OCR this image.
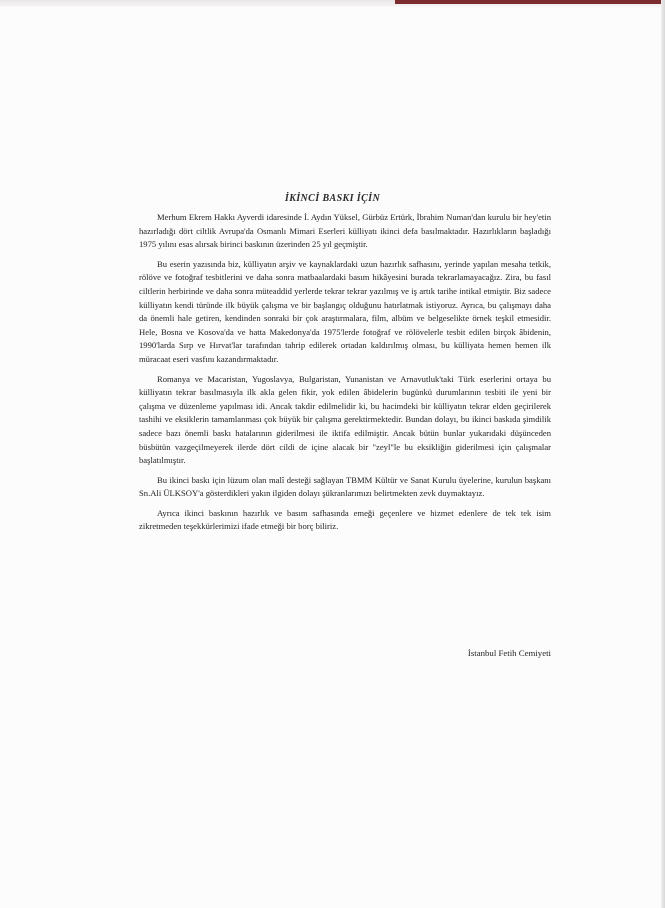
İKİNCİ BASKI İÇİN

Merhum Ekrem Hakkı Ayverdi idaresinde İ. Aydın Yüksel, Gürbüz Ertürk, İbrahim Numan'dan kurulu bir hey'etin hazırladığı dört ciltlik Avrupa'da Osmanlı Mimari Eserleri külliyatı ikinci defa basılmaktadır. Hazırlıkların başladığı 1975 yılını esas alırsak birinci baskının üzerinden 25 yıl geçmiştir.

Bu eserin yazısında biz, külliyatın arşiv ve kaynaklardaki uzun hazırlık safhasını, yerinde yapılan mesaha tetkik, rölöve ve fotoğraf tesbitlerini ve daha sonra matbaalardaki basım hikâyesini burada tekrarlamayacağız. Zira, bu fasıl ciltlerin herbirinde ve daha sonra müteaddid yerlerde tekrar tekrar yazılmış ve iş artık tarihe intikal etmiştir. Biz sadece külliyatın kendi türünde ilk büyük çalışma ve bir başlangıç olduğunu hatırlatmak istiyoruz. Ayrıca, bu çalışmayı daha da önemli hale getiren, kendinden sonraki bir çok araştırmalara, film, albüm ve belgeselikte örnek teşkil etmesidir. Hele, Bosna ve Kosova'da ve hatta Makedonya'da 1975'lerde fotoğraf ve rölövelerle tesbit edilen birçok âbidenin, 1990'larda Sırp ve Hırvat'lar tarafından tahrip edilerek ortadan kaldırılmış olması, bu külliyata hemen hemen ilk müracaat eseri vasfını kazandırmaktadır.

Romanya ve Macaristan, Yugoslavya, Bulgaristan, Yunanistan ve Arnavutluk'taki Türk eserlerini ortaya bu külliyatın tekrar basılmasıyla ilk akla gelen fikir, yok edilen âbidelerin bugünkü durumlarının tesbiti ile yeni bir çalışma ve düzenleme yapılması idi. Ancak takdir edilmelidir ki, bu hacimdeki bir külliyatın tekrar elden geçirilerek tashihi ve eksiklerin tamamlanması çok büyük bir çalışma gerektirmektedir. Bundan dolayı, bu ikinci baskıda şimdilik sadece bazı önemli baskı hatalarının giderilmesi ile iktifa edilmiştir. Ancak bütün bunlar yukarıdaki düşünceden büsbütün vazgeçilmeyerek ilerde dört cildi de içine alacak bir "zeyl"le bu eksikliğin giderilmesi için çalışmalar başlatılmıştır.

Bu ikinci baskı için lüzum olan malî desteği sağlayan TBMM Kültür ve Sanat Kurulu üyelerine, kurulun başkanı Sn.Ali ÜLKSOY'a gösterdikleri yakın ilgiden dolayı şükranlarımızı belirtmekten zevk duymaktayız.

Ayrıca ikinci baskının hazırlık ve basım safhasında emeği geçenlere ve hizmet edenlere de tek tek isim zikretmeden teşekkürlerimizi ifade etmeği bir borç biliriz.

İstanbul Fetih Cemiyeti
